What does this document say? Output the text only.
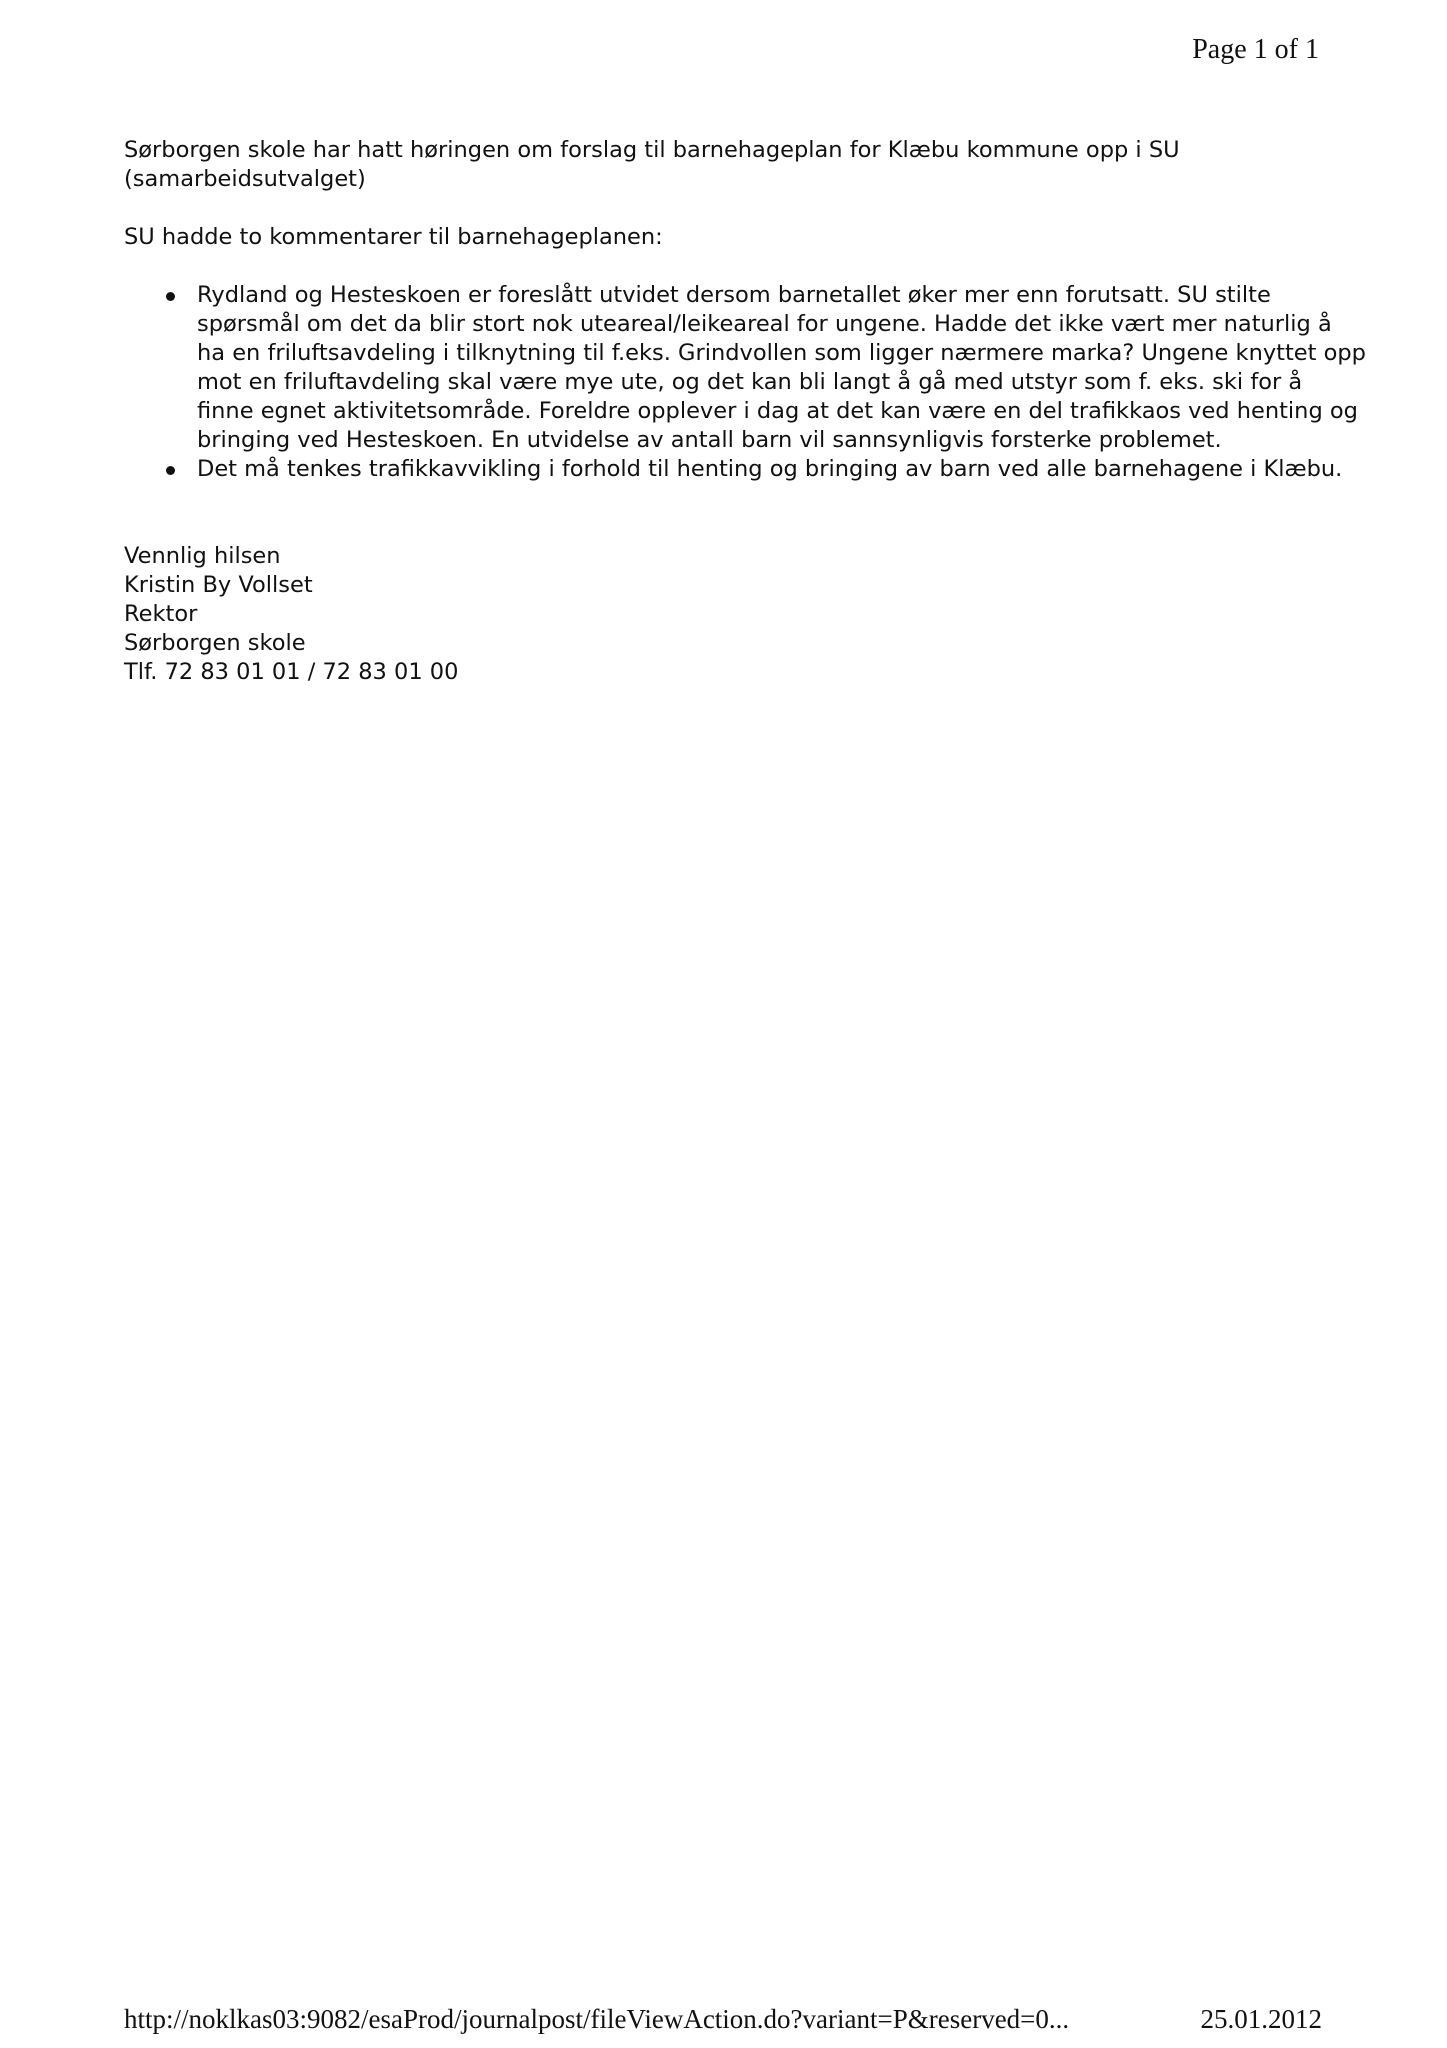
Page 1 of 1

Sørborgen skole har hatt høringen om forslag til barnehageplan for Klæbu kommune opp i SU
(samarbeidsutvalget)

SU hadde to kommentarer til barnehageplanen:

Rydland og Hesteskoen er foreslått utvidet dersom barnetallet øker mer enn forutsatt. SU stilte
spørsmål om det da blir stort nok uteareal/leikeareal for ungene. Hadde det ikke vært mer naturlig å
ha en friluftsavdeling i tilknytning til f.eks. Grindvollen som ligger nærmere marka? Ungene knyttet opp
mot en friluftavdeling skal være mye ute, og det kan bli langt å gå med utstyr som f. eks. ski for å
finne egnet aktivitetsområde. Foreldre opplever i dag at det kan være en del trafikkaos ved henting og
bringing ved Hesteskoen. En utvidelse av antall barn vil sannsynligvis forsterke problemet.
Det må tenkes trafikkavvikling i forhold til henting og bringing av barn ved alle barnehagene i Klæbu.
Vennlig hilsen
Kristin By Vollset
Rektor
Sørborgen skole
Tlf. 72 83 01 01 / 72 83 01 00
http://noklkas03:9082/esaProd/journalpost/fileViewAction.do?variant=P&reserved=0...	25.01.2012
